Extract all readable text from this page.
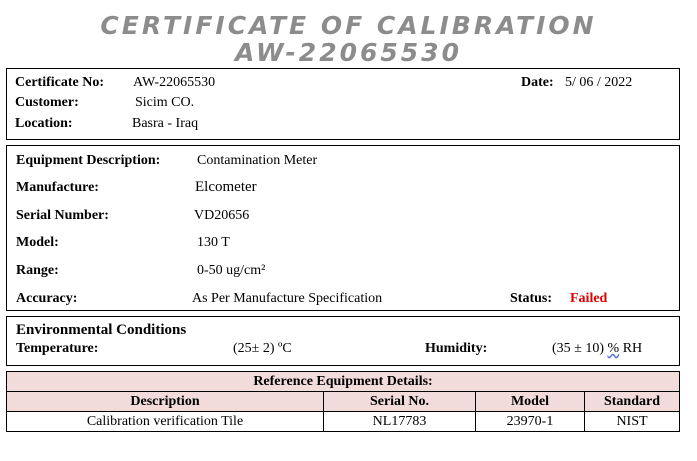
CERTIFICATE OF CALIBRATION
AW-22065530
Certificate No: AW-22065530	Date: 5/ 06 / 2022
Customer:	Sicim CO.
Location:	Basra - Iraq
Equipment Description:	Contamination Meter
Manufacture:	Elcometer
Serial Number:	VD20656
Model:	130 T
Range:	0-50 ug/cm²
Accuracy:	As Per Manufacture Specification	Status: Failed
Environmental Conditions
Temperature:	(25± 2) ºC	Humidity:	(35 ± 10) % RH
Reference Equipment Details:			
Description	Serial No.	Model	Standard
Calibration verification Tile	NL17783	23970-1	NIST
